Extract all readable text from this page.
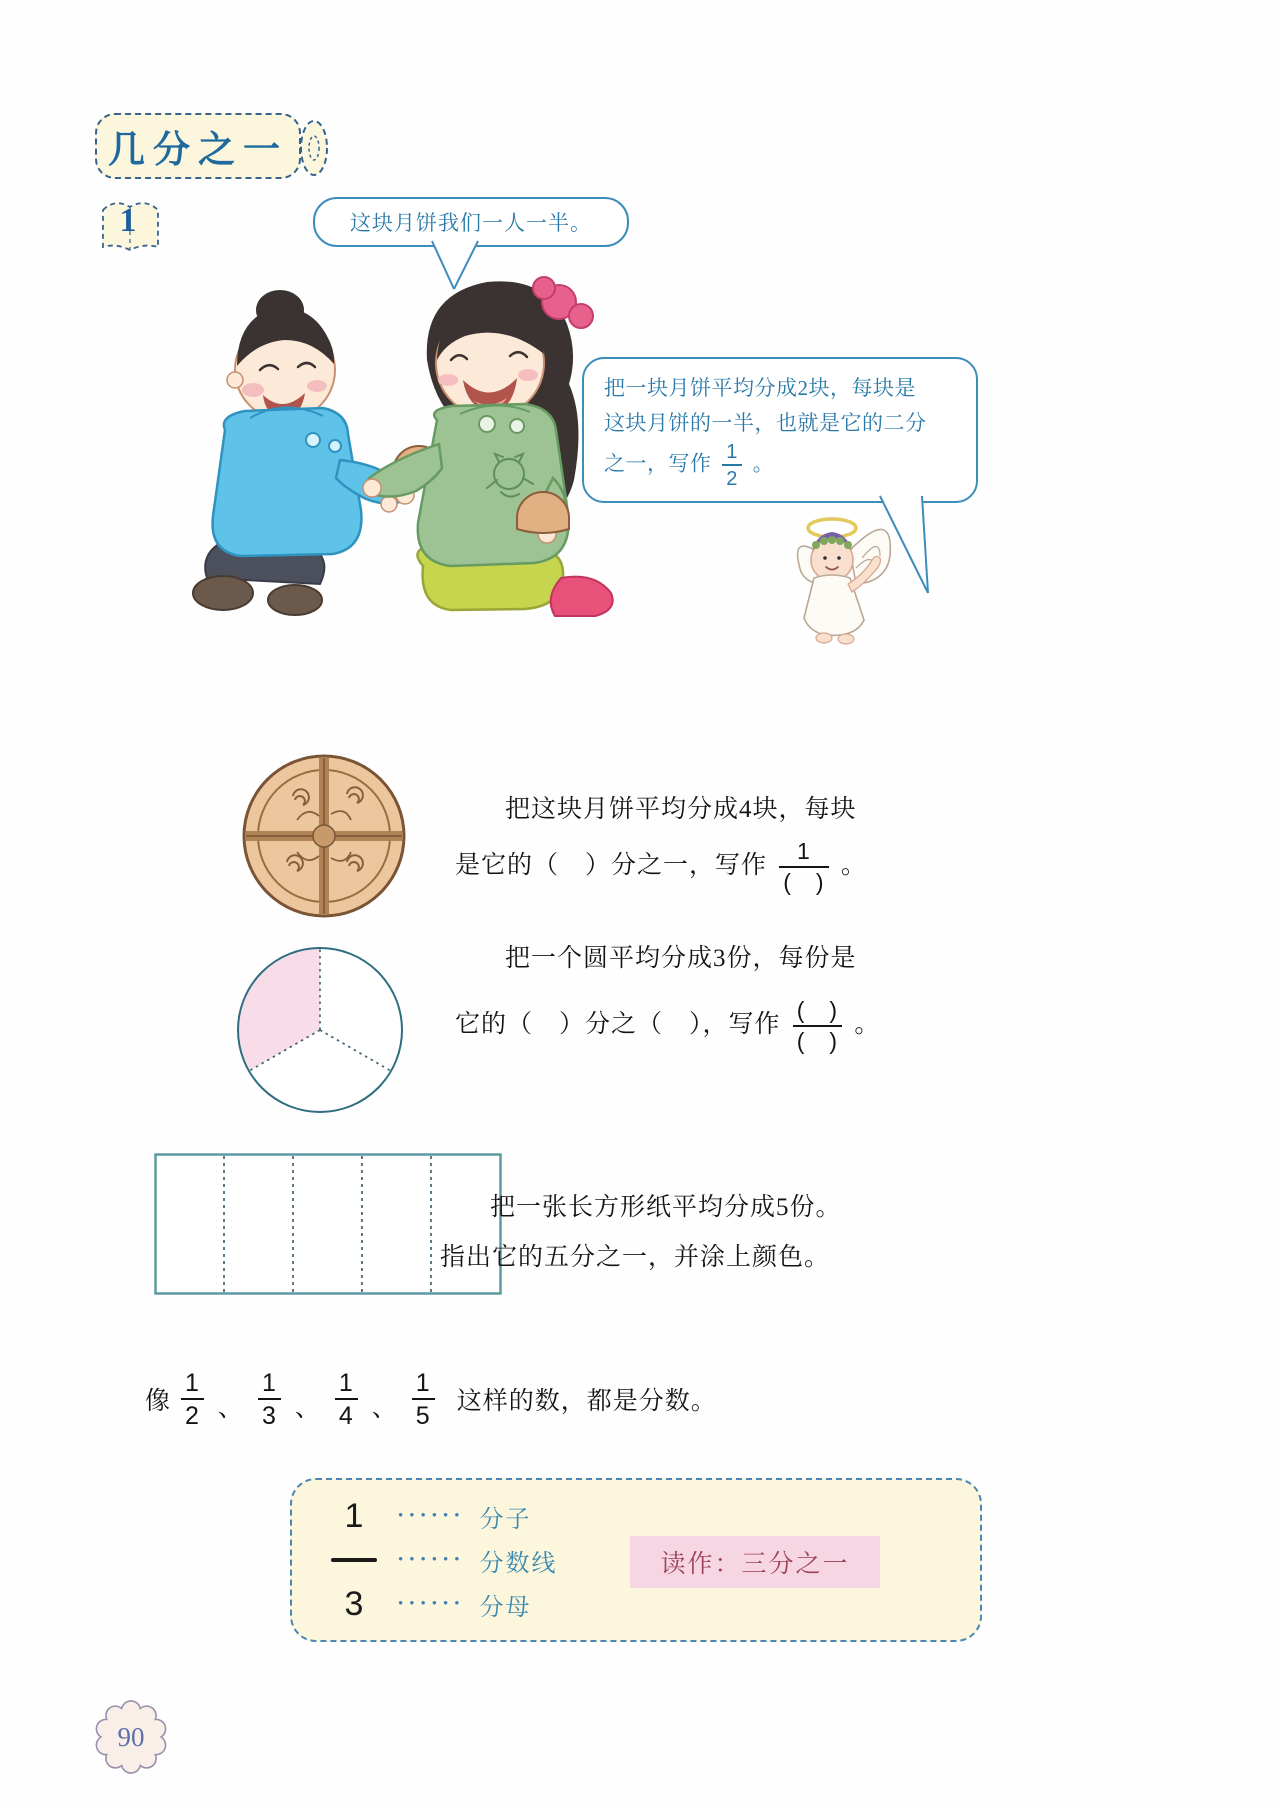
几分之一
1	这块月饼我们一人一半。
把一块月饼平均分成2块，每块是
这块月饼的一半，也就是它的二分
之一，写作 $\frac{1}{2}$ 。
把这块月饼平均分成4块，每块
是它的（　）分之一，写作 $\frac{1}{( )}$ 。
把一个圆平均分成3份，每份是
它的（　）分之（　），写作 $\frac{( )}{( )}$ 。
把一张长方形纸平均分成5份。
指出它的五分之一，并涂上颜色。
像 $\frac{1}{2}$ 、 $\frac{1}{3}$ 、 $\frac{1}{4}$ 、 $\frac{1}{5}$ 这样的数，都是分数。
1	•••••• 分子
•••••• 分数线
3	•••••• 分母
读作：三分之一
90
